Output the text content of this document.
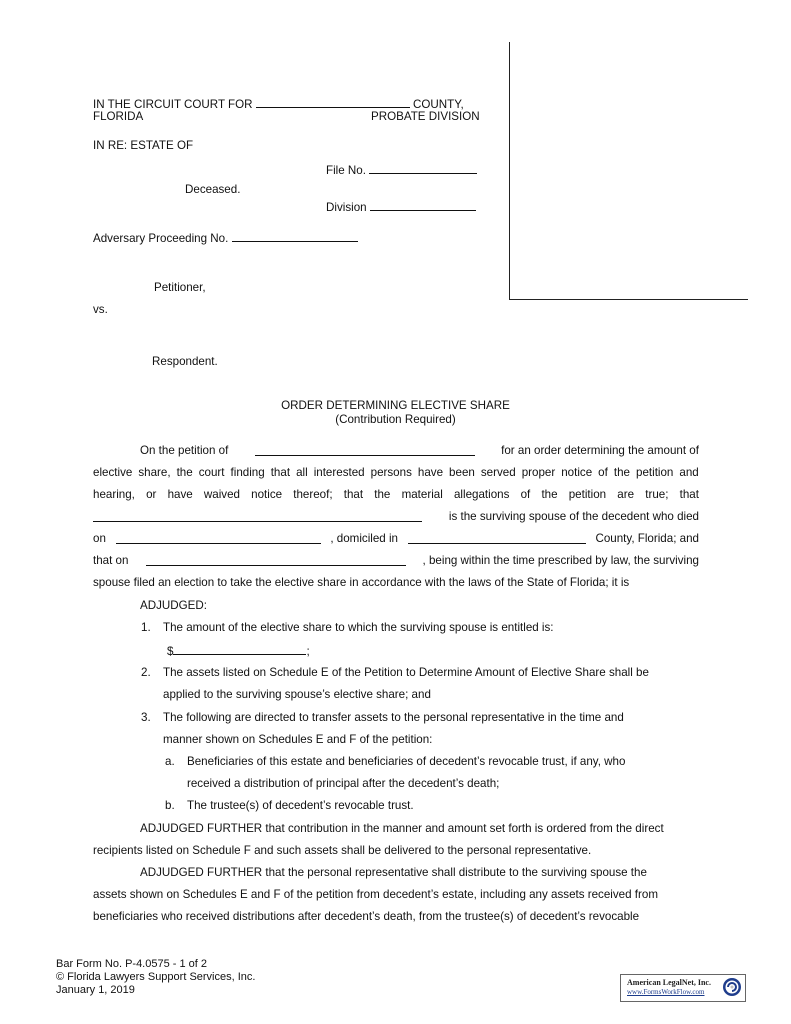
IN THE CIRCUIT COURT FOR	COUNTY,
FLORIDA	PROBATE DIVISION
IN RE: ESTATE OF
File No.
Deceased.
Division
Adversary Proceeding No.
Petitioner,
vs.
Respondent.
ORDER DETERMINING ELECTIVE SHARE
(Contribution Required)
On the petition of	for an order determining the amount of
elective share, the court finding that all interested persons have been served proper notice of the petition and
hearing, or have waived notice thereof; that the material allegations of the petition are true; that
is the surviving spouse of the decedent who died
on	, domiciled in	County, Florida; and
that on	, being within the time prescribed by law, the surviving
spouse filed an election to take the elective share in accordance with the laws of the State of Florida; it is
ADJUDGED:
1. The amount of the elective share to which the surviving spouse is entitled is:
$	;
2. The assets listed on Schedule E of the Petition to Determine Amount of Elective Share shall be
applied to the surviving spouse’s elective share; and
3. The following are directed to transfer assets to the personal representative in the time and
manner shown on Schedules E and F of the petition:
a. Beneficiaries of this estate and beneficiaries of decedent’s revocable trust, if any, who
received a distribution of principal after the decedent’s death;
b. The trustee(s) of decedent’s revocable trust.
ADJUDGED FURTHER that contribution in the manner and amount set forth is ordered from the direct
recipients listed on Schedule F and such assets shall be delivered to the personal representative.
ADJUDGED FURTHER that the personal representative shall distribute to the surviving spouse the
assets shown on Schedules E and F of the petition from decedent’s estate, including any assets received from
beneficiaries who received distributions after decedent’s death, from the trustee(s) of decedent’s revocable
Bar Form No. P-4.0575 - 1 of 2
© Florida Lawyers Support Services, Inc.
January 1, 2019
American LegalNet, Inc.
www.FormsWorkFlow.com
